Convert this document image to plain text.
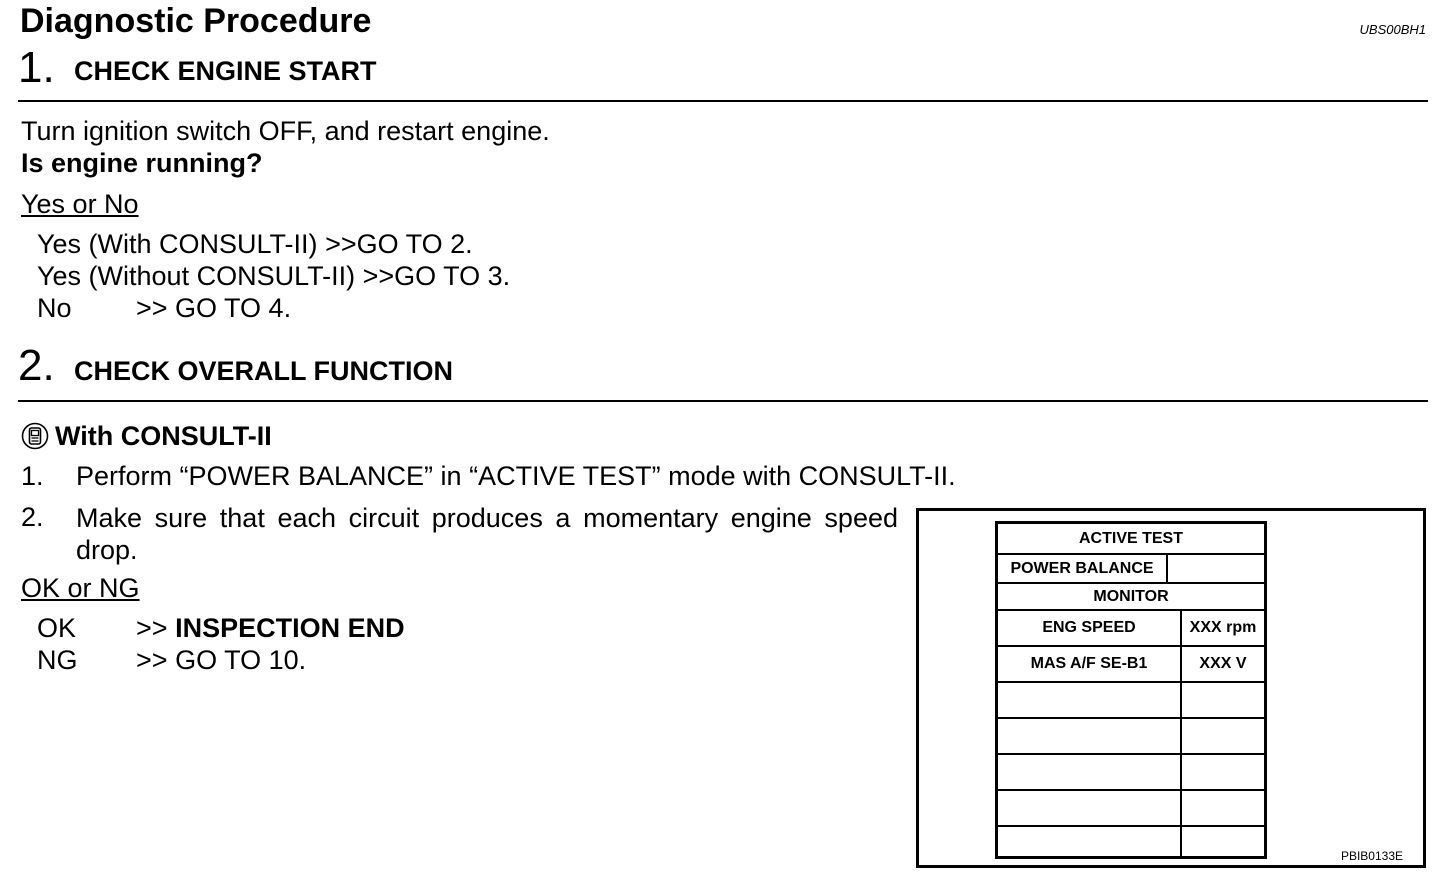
Diagnostic Procedure	UBS00BH1
1. CHECK ENGINE START
Turn ignition switch OFF, and restart engine.
Is engine running?
Yes or No
Yes (With CONSULT-II) >>GO TO 2.
Yes (Without CONSULT-II) >>GO TO 3.
No >> GO TO 4.
2. CHECK OVERALL FUNCTION
With CONSULT-II
1. Perform “POWER BALANCE” in “ACTIVE TEST” mode with CONSULT-II.
2. Make sure that each circuit produces a momentary engine speed drop.
OK or NG
OK >> INSPECTION END
NG >> GO TO 10.
ACTIVE TEST
POWER BALANCE
MONITOR
ENG SPEED	XXX rpm
MAS A/F SE-B1	XXX V
PBIB0133E
